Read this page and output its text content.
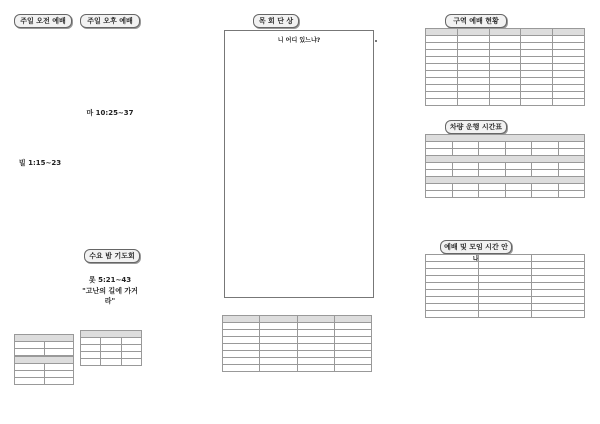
주일 오전 예배	주일 오후 예배
빌 1:15~23
마 10:25~37
수요 밤 기도회
롯 5:21~43
"고난의 길에 가거라"

목 회 단 상
니 어디 있느냐?

구역 예배 현황

차량 운행 시간표

예배 및 모임 시간 안내
